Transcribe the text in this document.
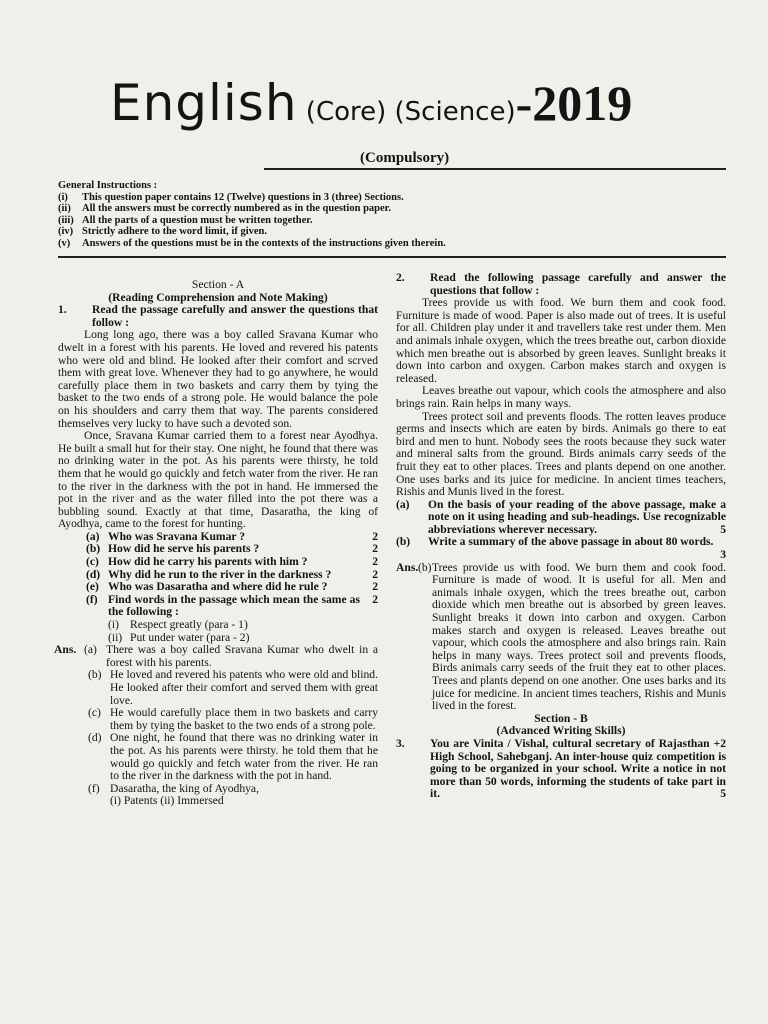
English (Core) (Science)-2019
(Compulsory)
General Instructions :
(i)	This question paper contains 12 (Twelve) questions in 3 (three) Sections.
(ii)	All the answers must be correctly numbered as in the question paper.
(iii) All the parts of a question must be written together.
(iv) Strictly adhere to the word limit, if given.
(v)	Answers of the questions must be in the contexts of the instructions given therein.
Section - A
(Reading Comprehension and Note Making)
1.	Read the passage carefully and answer the questions that follow :
Long long ago, there was a boy called Sravana Kumar who dwelt in a forest with his parents. He loved and revered his patents who were old and blind. He looked after their comfort and scrved them with great love. Whenever they had to go anywhere, he would carefully place them in two baskets and carry them by tying the basket to the two ends of a strong pole. He would balance the pole on his shoulders and carry them that way. The parents considered themselves very lucky to have such a devoted son.
Once, Sravana Kumar carried them to a forest near Ayodhya. He built a small hut for their stay. One night, he found that there was no drinking water in the pot. As his parents were thirsty, he told them that he would go quickly and fetch water from the river. He ran to the river in the darkness with the pot in hand. He immersed the pot in the river and as the water filled into the pot there was a bubbling sound. Exactly at that time, Dasaratha, the king of Ayodhya, came to the forest for hunting.
(a) Who was Sravana Kumar ?	2
(b) How did he serve his parents ?	2
(c) How did he carry his parents with him ?	2
(d) Why did he run to the river in the darkness ?	2
(e) Who was Dasaratha and where did he rule ?	2
(f) Find words in the passage which mean the same as the following :
2
(i) Respect greatly (para - 1)
(ii) Put under water (para - 2)
Ans. (a) There was a boy called Sravana Kumar who dwelt in a forest with his parents.
(b) He loved and revered his patents who were old and blind. He looked after their comfort and served them with great love.
(c) He would carefully place them in two baskets and carry them by tying the basket to the two ends of a strong pole.
(d) One night, he found that there was no drinking water in the pot. As his parents were thirsty. he told them that he would go quickly and fetch water from the river. He ran to the river in the darkness with the pot in hand.
(f) Dasaratha, the king of Ayodhya,
(i) Patents (ii) Immersed
2.	Read the following passage carefully and answer the questions that follow :
Trees provide us with food. We burn them and cook food. Furniture is made of wood. Paper is also made out of trees. It is useful for all. Children play under it and travellers take rest under them. Men and animals inhale oxygen, which the trees breathe out, carbon dioxide which men breathe out is absorbed by green leaves. Sunlight breaks it down into carbon and oxygen. Carbon makes starch and oxygen is released.
Leaves breathe out vapour, which cools the atmosphere and also brings rain. Rain helps in many ways.
Trees protect soil and prevents floods. The rotten leaves produce germs and insects which are eaten by birds. Animals go there to eat bird and men to hunt. Nobody sees the roots because they suck water and mineral salts from the ground. Birds animals carry seeds of the fruit they eat to other places. Trees and plants depend on one another. One uses barks and its juice for medicine. In ancient times teachers, Rishis and Munis lived in the forest.
(a)	On the basis of your reading of the above passage, make a note on it using heading and sub-headings. Use recognizable abbreviations wherever necessary.	5
(b)	Write a summary of the above passage in about 80 words.
3
Ans. (b) Trees provide us with food. We burn them and cook food. Furniture is made of wood. It is useful for all. Men and animals inhale oxygen, which the trees breathe out, carbon dioxide which men breathe out is absorbed by green leaves. Sunlight breaks it down into carbon and oxygen. Carbon makes starch and oxygen is released. Leaves breathe out vapour, which cools the atmosphere and also brings rain. Rain helps in many ways. Trees protect soil and prevents floods, Birds animals carry seeds of the fruit they eat to other places. Trees and plants depend on one another. One uses barks and its juice for medicine. In ancient times teachers, Rishis and Munis lived in the forest.
Section - B
(Advanced Writing Skills)
3.	You are Vinita / Vishal, cultural secretary of Rajasthan +2 High School, Sahebganj. An inter-house quiz competition is going to be organized in your school. Write a notice in not more than 50 words, informing the students of take part in it.	5
